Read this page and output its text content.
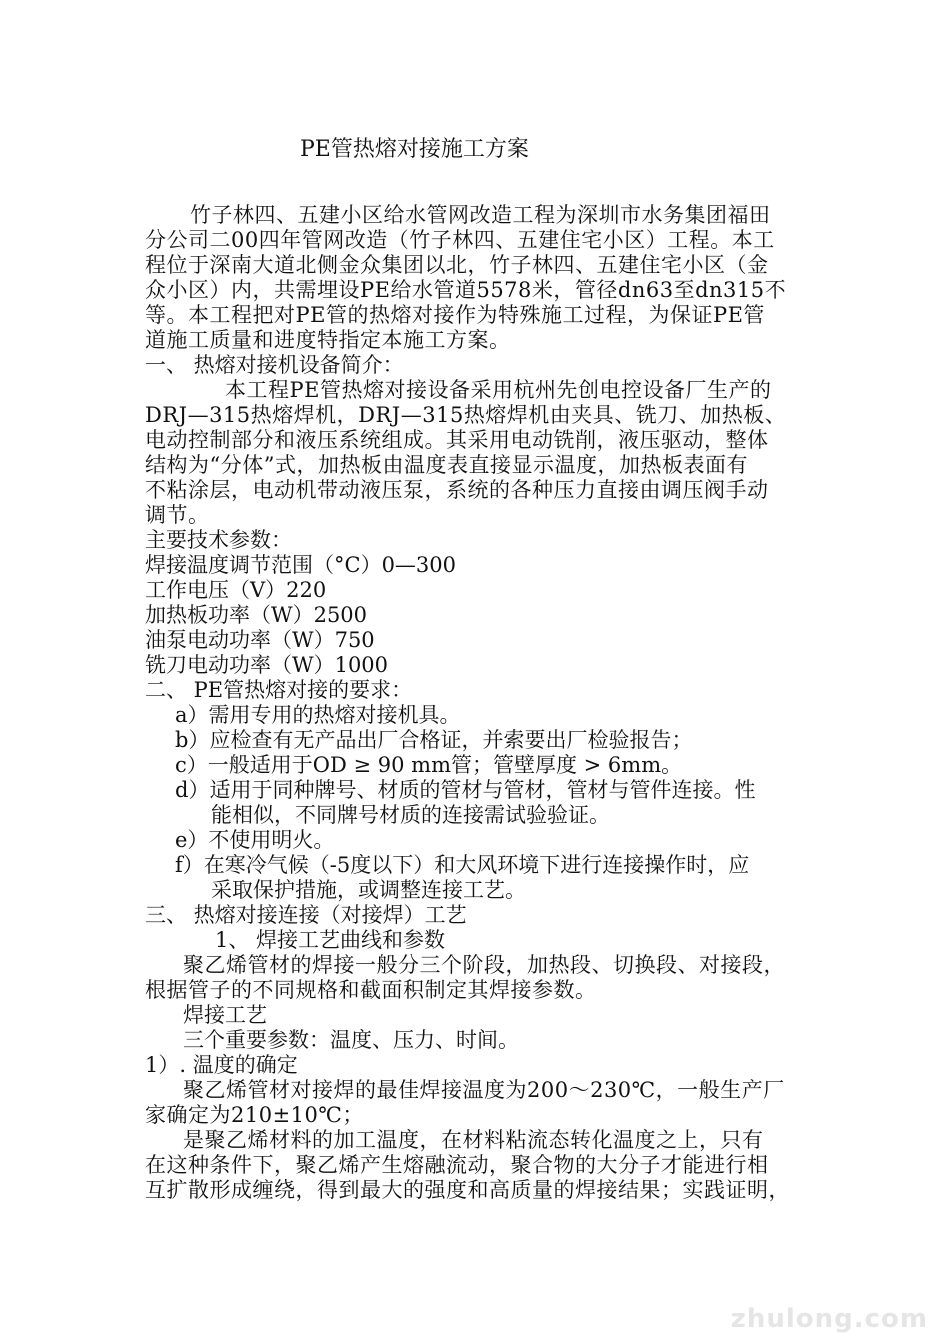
PE管热熔对接施工方案
竹子林四、五建小区给水管网改造工程为深圳市水务集团福田
分公司二00四年管网改造（竹子林四、五建住宅小区）工程。本工
程位于深南大道北侧金众集团以北，竹子林四、五建住宅小区（金
众小区）内，共需埋设PE给水管道5578米，管径dn63至dn315不
等。本工程把对PE管的热熔对接作为特殊施工过程，为保证PE管
道施工质量和进度特指定本施工方案。
一、 热熔对接机设备简介：
本工程PE管热熔对接设备采用杭州先创电控设备厂生产的
DRJ—315热熔焊机，DRJ—315热熔焊机由夹具、铣刀、加热板、
电动控制部分和液压系统组成。其采用电动铣削，液压驱动，整体
结构为“分体”式，加热板由温度表直接显示温度，加热板表面有
不粘涂层，电动机带动液压泵，系统的各种压力直接由调压阀手动
调节。
主要技术参数：
焊接温度调节范围（°C）0—300
工作电压（V）220
加热板功率（W）2500
油泵电动功率（W）750
铣刀电动功率（W）1000
二、 PE管热熔对接的要求：
a）需用专用的热熔对接机具。
b）应检查有无产品出厂合格证，并索要出厂检验报告；
c）一般适用于OD ≥ 90 mm管；管壁厚度 > 6mm。
d）适用于同种牌号、材质的管材与管材，管材与管件连接。性
能相似，不同牌号材质的连接需试验验证。
e）不使用明火。
f）在寒冷气候（-5度以下）和大风环境下进行连接操作时，应
采取保护措施，或调整连接工艺。
三、 热熔对接连接（对接焊）工艺
1、 焊接工艺曲线和参数
聚乙烯管材的焊接一般分三个阶段，加热段、切换段、对接段，
根据管子的不同规格和截面积制定其焊接参数。
焊接工艺
三个重要参数：温度、压力、时间。
1）. 温度的确定
聚乙烯管材对接焊的最佳焊接温度为200～230℃，一般生产厂
家确定为210±10℃；
是聚乙烯材料的加工温度，在材料粘流态转化温度之上，只有
在这种条件下，聚乙烯产生熔融流动，聚合物的大分子才能进行相
互扩散形成缠绕，得到最大的强度和高质量的焊接结果；实践证明，
zhulong.com
